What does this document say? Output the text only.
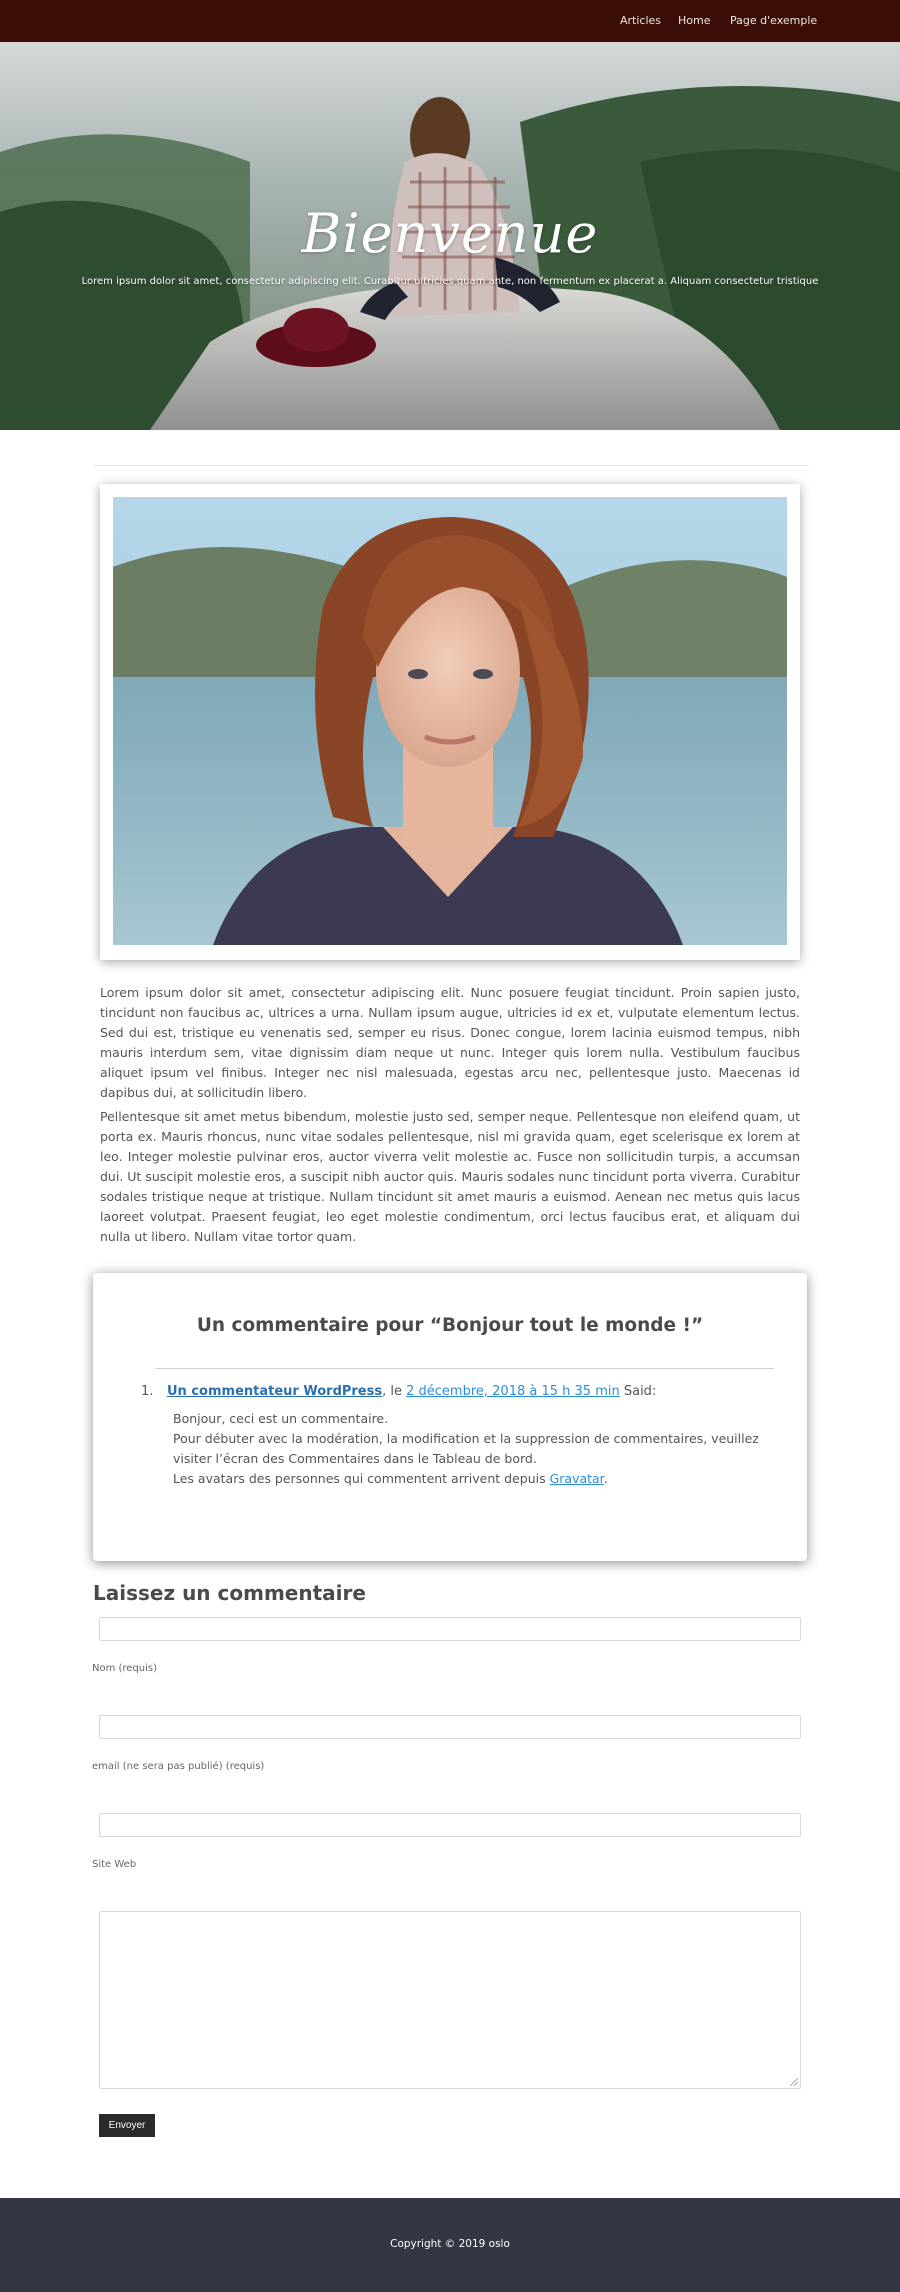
Articles Home Page d'exemple
Bienvenue
Lorem ipsum dolor sit amet, consectetur adipiscing elit. Curabitur ultricies quam ante, non fermentum ex placerat a. Aliquam consectetur tristique

Lorem ipsum dolor sit amet, consectetur adipiscing elit. Nunc posuere feugiat tincidunt. Proin sapien justo, tincidunt non faucibus ac, ultrices a urna. Nullam ipsum augue, ultricies id ex et, vulputate elementum lectus. Sed dui est, tristique eu venenatis sed, semper eu risus. Donec congue, lorem lacinia euismod tempus, nibh mauris interdum sem, vitae dignissim diam neque ut nunc. Integer quis lorem nulla. Vestibulum faucibus aliquet ipsum vel finibus. Integer nec nisl malesuada, egestas arcu nec, pellentesque justo. Maecenas id dapibus dui, at sollicitudin libero.

Pellentesque sit amet metus bibendum, molestie justo sed, semper neque. Pellentesque non eleifend quam, ut porta ex. Mauris rhoncus, nunc vitae sodales pellentesque, nisl mi gravida quam, eget scelerisque ex lorem at leo. Integer molestie pulvinar eros, auctor viverra velit molestie ac. Fusce non sollicitudin turpis, a accumsan dui. Ut suscipit molestie eros, a suscipit nibh auctor quis. Mauris sodales nunc tincidunt porta viverra. Curabitur sodales tristique neque at tristique. Nullam tincidunt sit amet mauris a euismod. Aenean nec metus quis lacus laoreet volutpat. Praesent feugiat, leo eget molestie condimentum, orci lectus faucibus erat, et aliquam dui nulla ut libero. Nullam vitae tortor quam.

Un commentaire pour “Bonjour tout le monde !”
1. Un commentateur WordPress, le 2 décembre, 2018 à 15 h 35 min Said:
Bonjour, ceci est un commentaire.
Pour débuter avec la modération, la modification et la suppression de commentaires, veuillez visiter l’écran des Commentaires dans le Tableau de bord.
Les avatars des personnes qui commentent arrivent depuis Gravatar.
Laissez un commentaire
Nom (requis)
email (ne sera pas publié) (requis)
Site Web
Envoyer
Copyright © 2019 oslo
